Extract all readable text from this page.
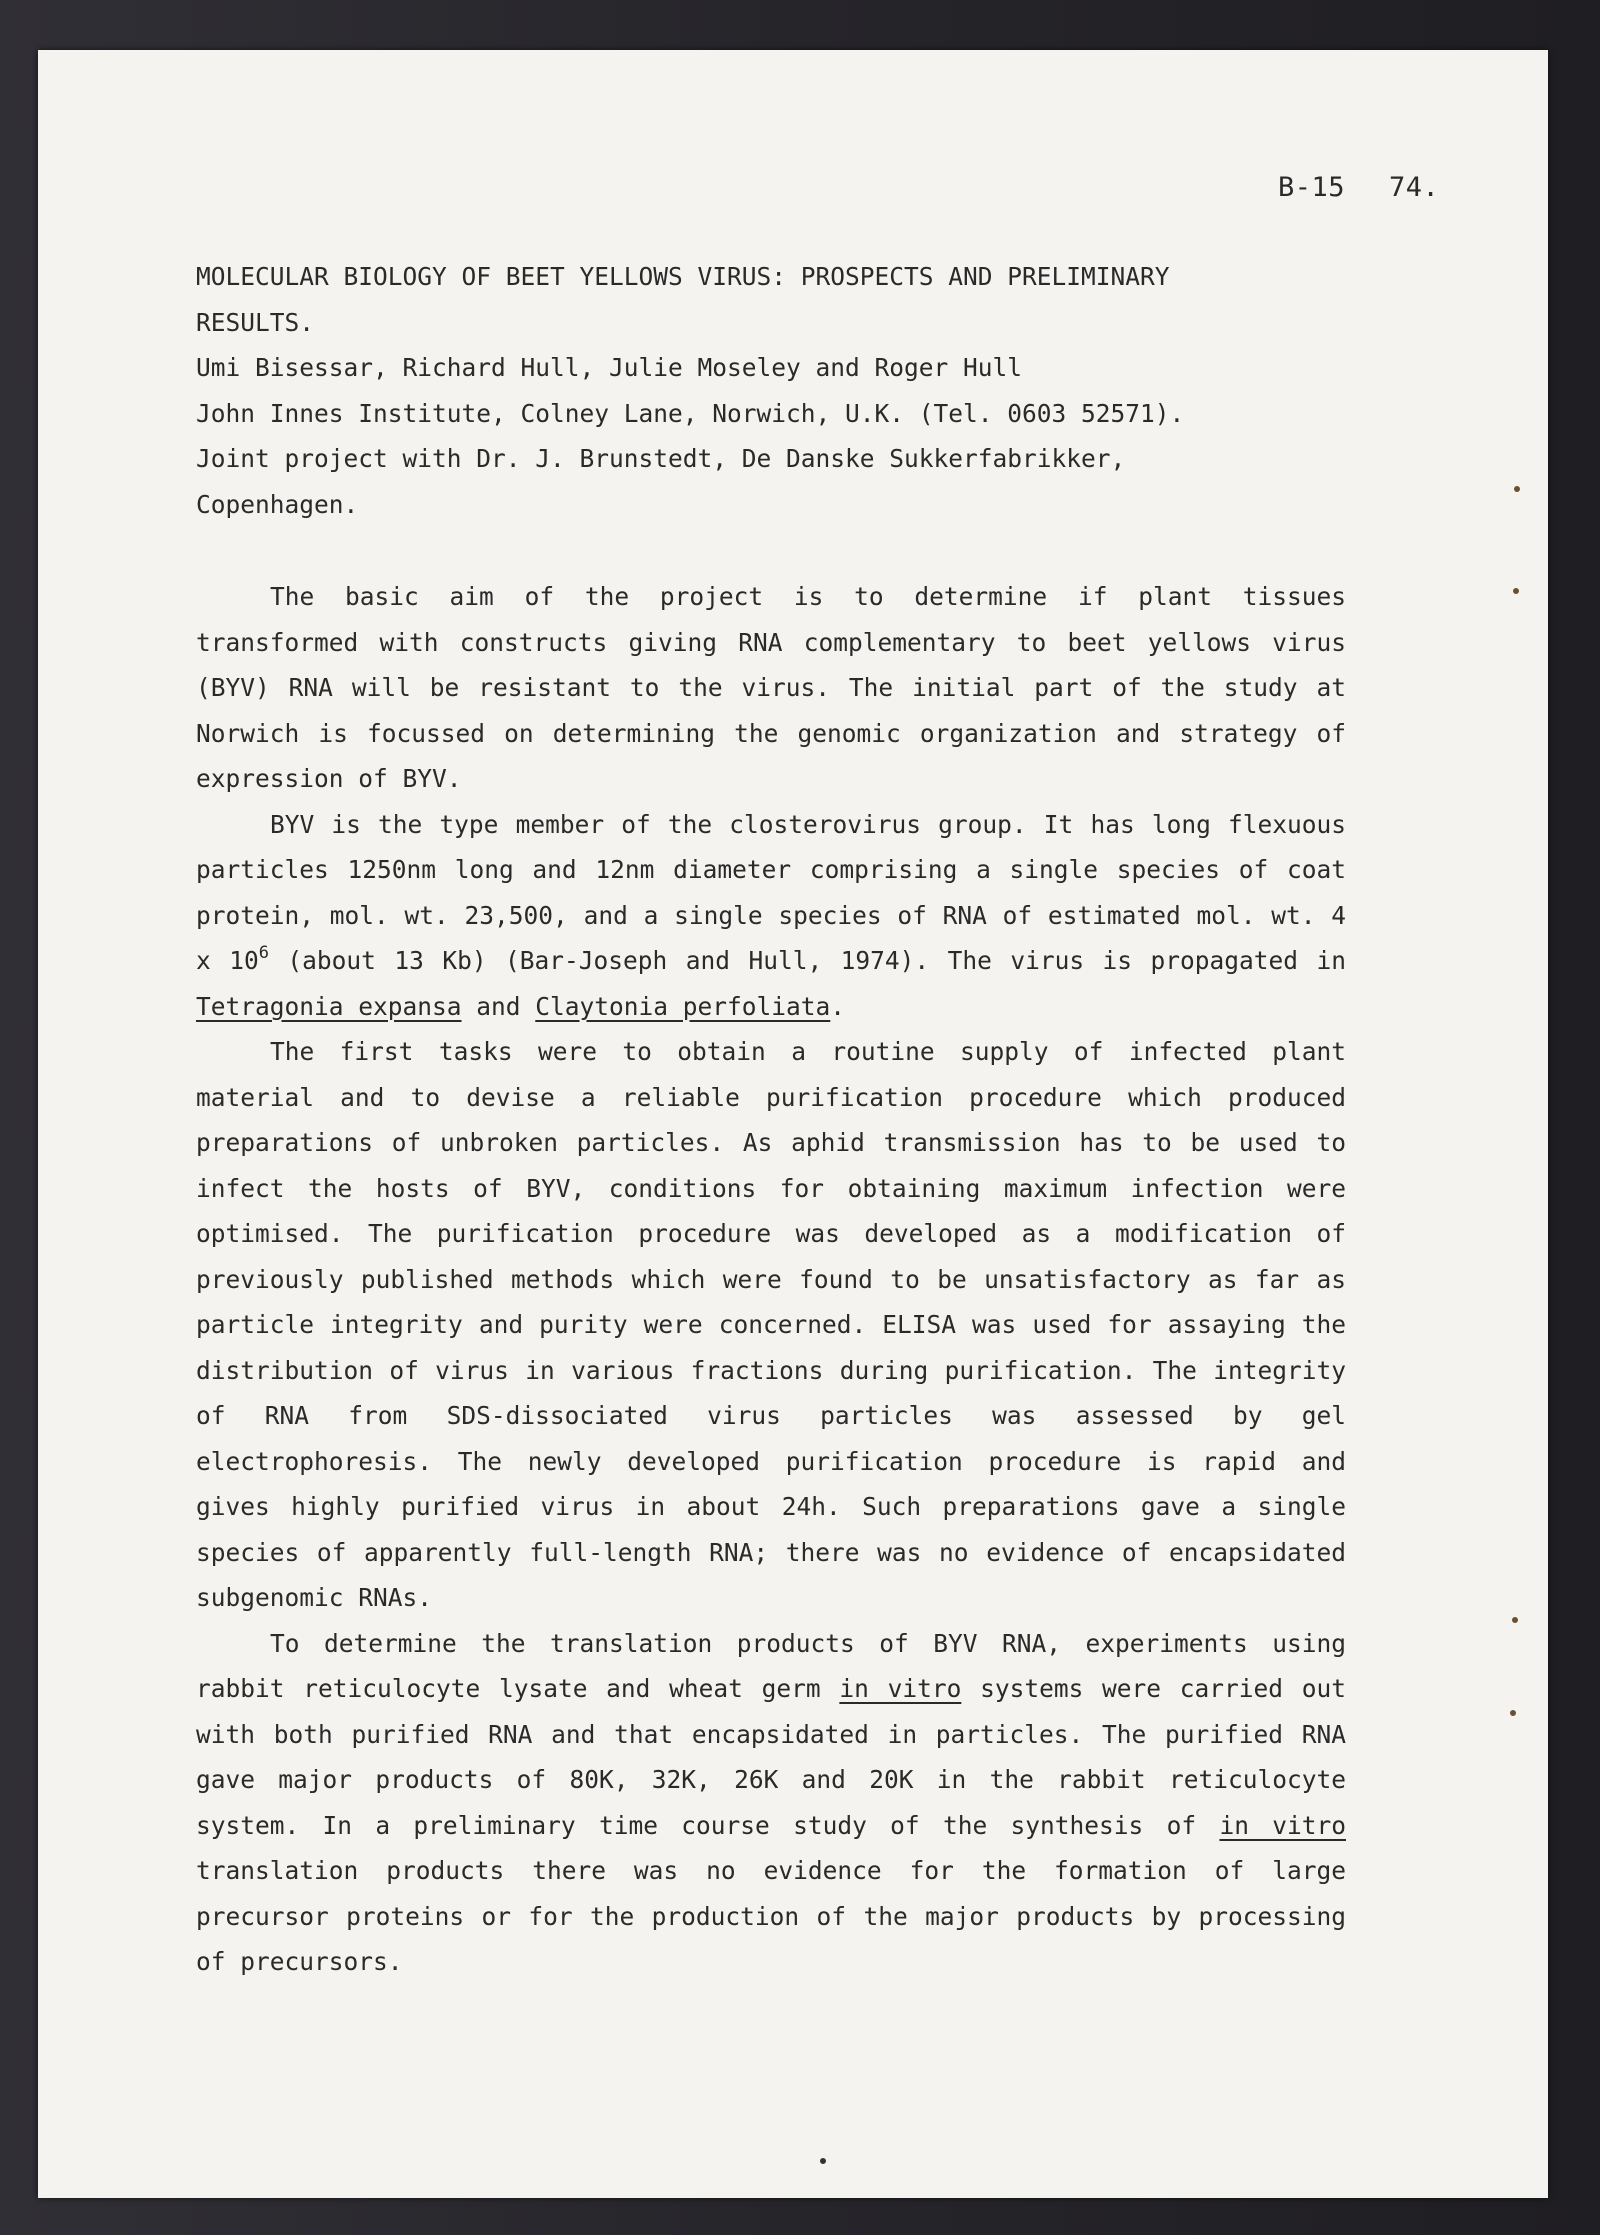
B-15 74.
MOLECULAR BIOLOGY OF BEET YELLOWS VIRUS: PROSPECTS AND PRELIMINARY
RESULTS.
Umi Bisessar, Richard Hull, Julie Moseley and Roger Hull
John Innes Institute, Colney Lane, Norwich, U.K. (Tel. 0603 52571).
Joint project with Dr. J. Brunstedt, De Danske Sukkerfabrikker,
Copenhagen.

The basic aim of the project is to determine if plant tissues transformed with constructs giving RNA complementary to beet yellows virus (BYV) RNA will be resistant to the virus. The initial part of the study at Norwich is focussed on determining the genomic organization and strategy of expression of BYV.

BYV is the type member of the closterovirus group. It has long flexuous particles 1250nm long and 12nm diameter comprising a single species of coat protein, mol. wt. 23,500, and a single species of RNA of estimated mol. wt. 4 x $10^6$ (about 13 Kb) (Bar-Joseph and Hull, 1974). The virus is propagated in Tetragonia expansa and Claytonia perfoliata.

The first tasks were to obtain a routine supply of infected plant material and to devise a reliable purification procedure which produced preparations of unbroken particles. As aphid transmission has to be used to infect the hosts of BYV, conditions for obtaining maximum infection were optimised. The purification procedure was developed as a modification of previously published methods which were found to be unsatisfactory as far as particle integrity and purity were concerned. ELISA was used for assaying the distribution of virus in various fractions during purification. The integrity of RNA from SDS-dissociated virus particles was assessed by gel electrophoresis. The newly developed purification procedure is rapid and gives highly purified virus in about 24h. Such preparations gave a single species of apparently full-length RNA; there was no evidence of encapsidated subgenomic RNAs.

To determine the translation products of BYV RNA, experiments using rabbit reticulocyte lysate and wheat germ in vitro systems were carried out with both purified RNA and that encapsidated in particles. The purified RNA gave major products of 80K, 32K, 26K and 20K in the rabbit reticulocyte system. In a preliminary time course study of the synthesis of in vitro translation products there was no evidence for the formation of large precursor proteins or for the production of the major products by processing of precursors.
